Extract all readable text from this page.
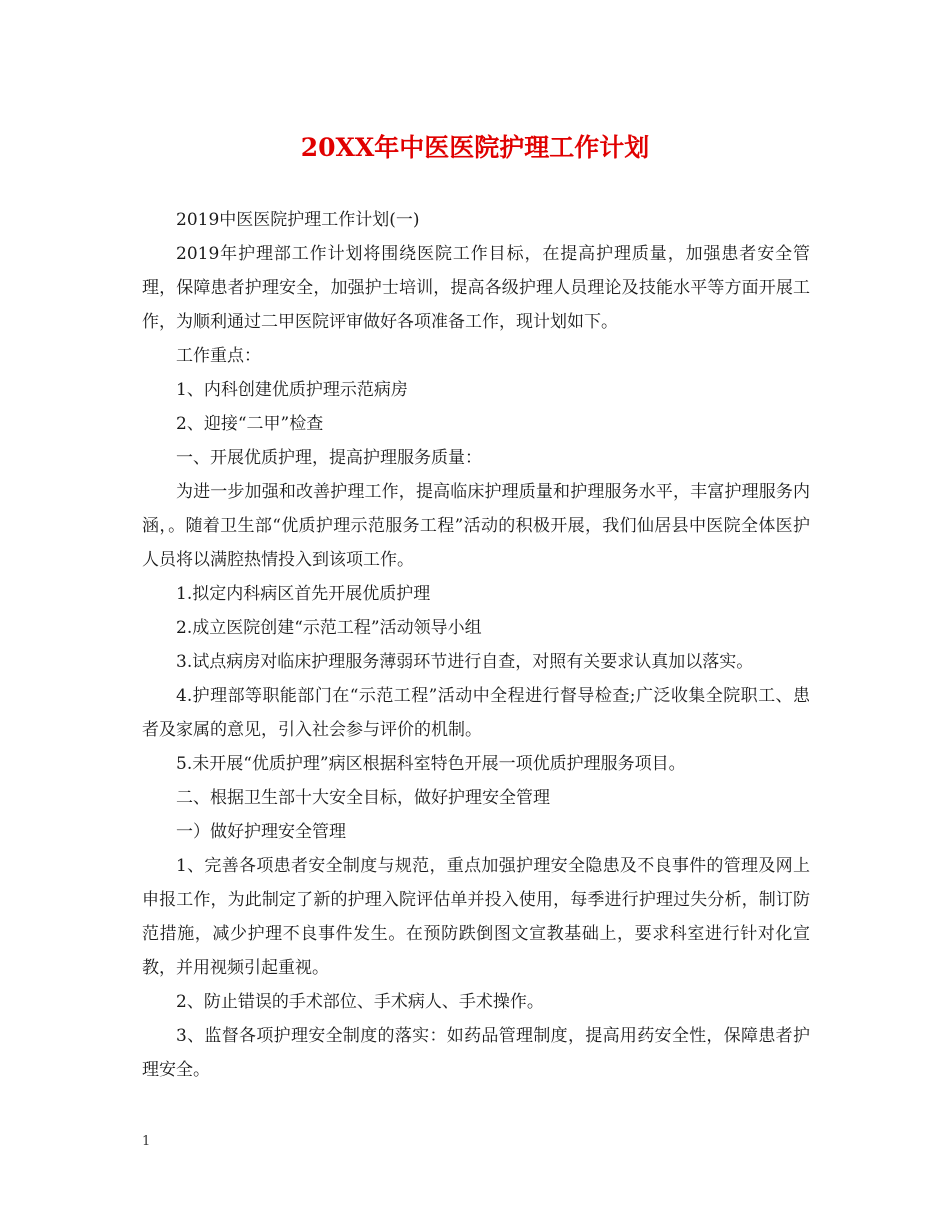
20XX年中医医院护理工作计划

2019中医医院护理工作计划(一)

2019年护理部工作计划将围绕医院工作目标，在提高护理质量，加强患者安全管理，保障患者护理安全，加强护士培训，提高各级护理人员理论及技能水平等方面开展工作，为顺利通过二甲医院评审做好各项准备工作，现计划如下。

工作重点：

1、内科创建优质护理示范病房

2、迎接“二甲”检查

一、开展优质护理，提高护理服务质量：

为进一步加强和改善护理工作，提高临床护理质量和护理服务水平，丰富护理服务内涵，。随着卫生部“优质护理示范服务工程”活动的积极开展，我们仙居县中医院全体医护人员将以满腔热情投入到该项工作。

1.拟定内科病区首先开展优质护理

2.成立医院创建“示范工程”活动领导小组

3.试点病房对临床护理服务薄弱环节进行自查，对照有关要求认真加以落实。

4.护理部等职能部门在“示范工程”活动中全程进行督导检查;广泛收集全院职工、患者及家属的意见，引入社会参与评价的机制。

5.未开展“优质护理”病区根据科室特色开展一项优质护理服务项目。

二、根据卫生部十大安全目标，做好护理安全管理

一）做好护理安全管理

1、完善各项患者安全制度与规范，重点加强护理安全隐患及不良事件的管理及网上申报工作，为此制定了新的护理入院评估单并投入使用，每季进行护理过失分析，制订防范措施，减少护理不良事件发生。在预防跌倒图文宣教基础上，要求科室进行针对化宣教，并用视频引起重视。

2、防止错误的手术部位、手术病人、手术操作。

3、监督各项护理安全制度的落实：如药品管理制度，提高用药安全性，保障患者护理安全。

1
